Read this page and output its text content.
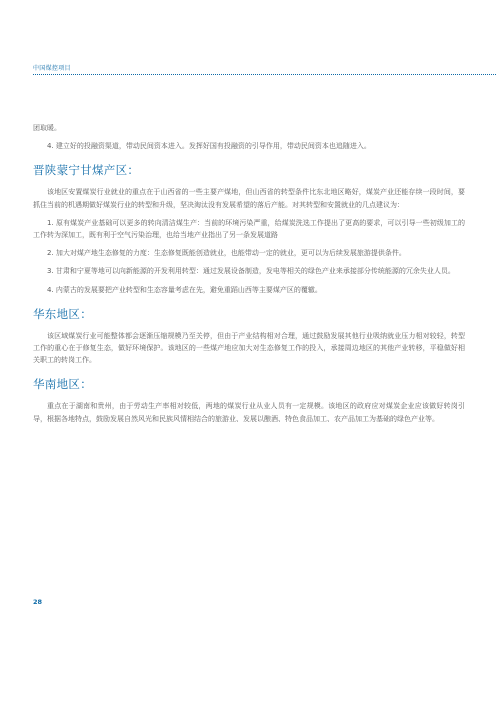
中国煤控项目

团取暖。

4. 建立好的投融资渠道，带动民间资本进入。发挥好国有投融资的引导作用，带动民间资本也追随进入。

晋陕蒙宁甘煤产区：

该地区安置煤炭行业就业的重点在于山西省的一些主要产煤地，但山西省的转型条件比东北地区略好，煤炭产业还能存续一段时间，要抓住当前的机遇期做好煤炭行业的转型和升级，坚决淘汰没有发展希望的落后产能。对其转型和安置就业的几点建议为：

1. 原有煤炭产业基础可以更多的转向清洁煤生产：当前的环境污染严重，给煤炭洗选工作提出了更高的要求，可以引导一些初级加工的工作转为深加工，既有利于空气污染治理，也给当地产业指出了另一条发展道路

2. 加大对煤产地生态修复的力度：生态修复既能创造就业，也能带动一定的就业，更可以为后续发展旅游提供条件。

3. 甘肃和宁夏等地可以向新能源的开发利用转型：通过发展设备制造，发电等相关的绿色产业来承接部分传统能源的冗余失业人员。

4. 内蒙古的发展要把产业转型和生态容量考虑在先，避免重蹈山西等主要煤产区的覆辙。

华东地区：

该区域煤炭行业可能整体都会逐渐压缩规模乃至关停，但由于产业结构相对合理，通过鼓励发展其他行业吸纳就业压力相对较轻，转型工作的重心在于修复生态，做好环境保护。该地区的一些煤产地应加大对生态修复工作的投入，承接周边地区的其他产业转移，平稳做好相关职工的转岗工作。

华南地区：

重点在于湖南和贵州，由于劳动生产率相对较低，两地的煤炭行业从业人员有一定规模。该地区的政府应对煤炭企业应该做好转岗引导，根据各地特点，鼓励发展自然风光和民族风情相结合的旅游业、发展以酿酒、特色食品加工、农产品加工为基础的绿色产业等。

28
